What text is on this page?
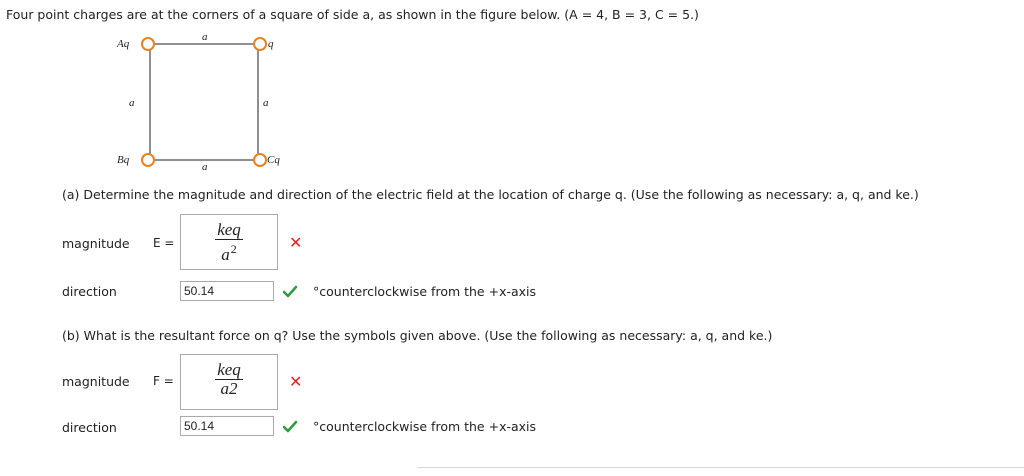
Four point charges are at the corners of a square of side a, as shown in the figure below. (A = 4, B = 3, C = 5.)
Aq	q
a
a	a
Bq	Cq
a
(a) Determine the magnitude and direction of the electric field at the location of charge q. (Use the following as necessary: a, q, and ke.)
magnitude E =
keq
$a^2$	✕
direction	50.14	°counterclockwise from the +x-axis
(b) What is the resultant force on q? Use the symbols given above. (Use the following as necessary: a, q, and ke.)
magnitude F =
keq
a2	✕
direction	50.14	°counterclockwise from the +x-axis
